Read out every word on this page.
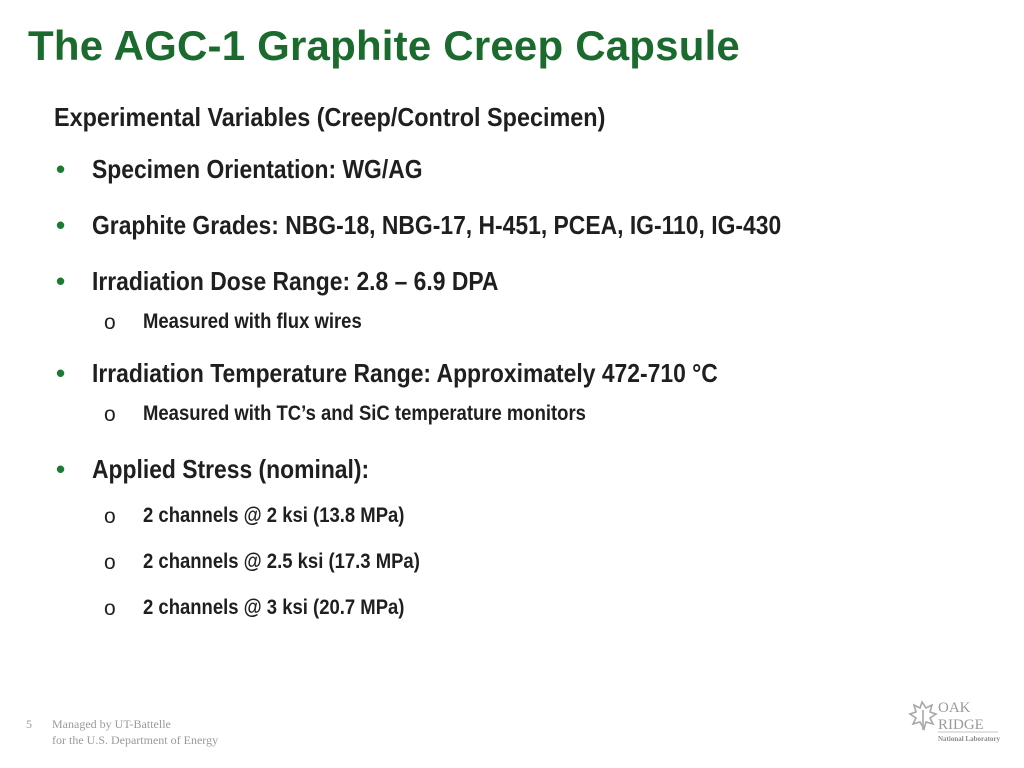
The AGC-1 Graphite Creep Capsule
Experimental Variables (Creep/Control Specimen)
• Specimen Orientation: WG/AG
• Graphite Grades: NBG-18, NBG-17, H-451, PCEA, IG-110, IG-430
• Irradiation Dose Range: 2.8 – 6.9 DPA
o Measured with flux wires
• Irradiation Temperature Range: Approximately 472-710 °C
o Measured with TC’s and SiC temperature monitors
• Applied Stress (nominal):
o 2 channels @ 2 ksi (13.8 MPa)
o 2 channels @ 2.5 ksi (17.3 MPa)
o 2 channels @ 3 ksi (20.7 MPa)
5 Managed by UT-Battelle
for the U.S. Department of Energy
OAK
RIDGE
National Laboratory
